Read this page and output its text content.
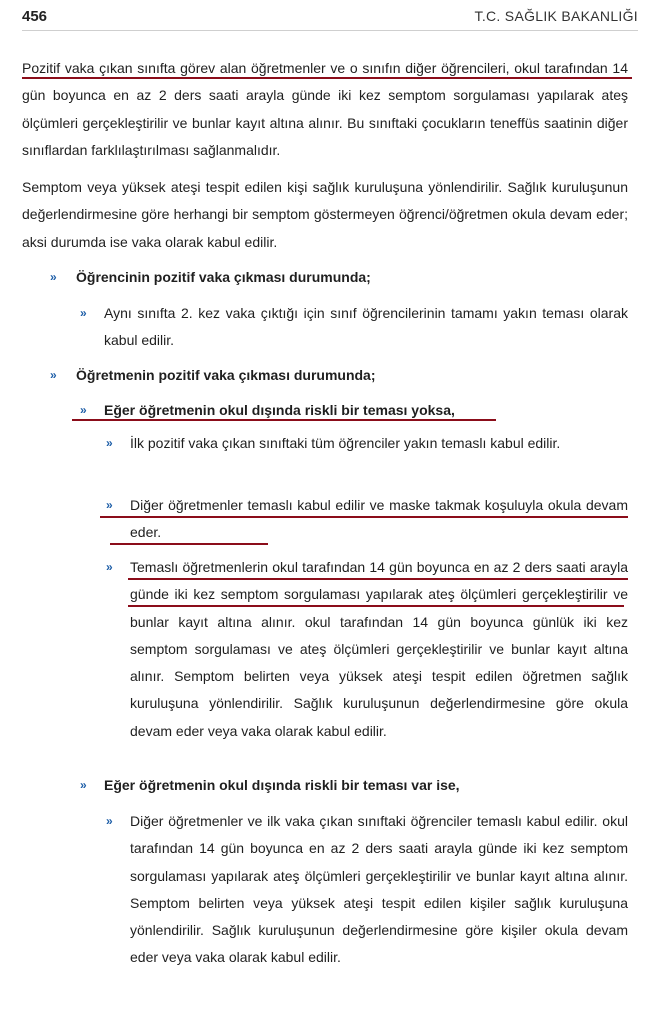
456	T.C. SAĞLIK BAKANLIĞI
Pozitif vaka çıkan sınıfta görev alan öğretmenler ve o sınıfın diğer öğrencileri, okul tarafından 14 gün boyunca en az 2 ders saati arayla günde iki kez semptom sorgulaması yapılarak ateş ölçümleri gerçekleştirilir ve bunlar kayıt altına alınır. Bu sınıftaki çocukların teneffüs saatinin diğer sınıflardan farklılaştırılması sağlanmalıdır.
Semptom veya yüksek ateşi tespit edilen kişi sağlık kuruluşuna yönlendirilir. Sağlık kuruluşunun değerlendirmesine göre herhangi bir semptom göstermeyen öğrenci/öğretmen okula devam eder; aksi durumda ise vaka olarak kabul edilir.
» Öğrencinin pozitif vaka çıkması durumunda;
» Aynı sınıfta 2. kez vaka çıktığı için sınıf öğrencilerinin tamamı yakın teması olarak kabul edilir.
» Öğretmenin pozitif vaka çıkması durumunda;
» Eğer öğretmenin okul dışında riskli bir teması yoksa,
» İlk pozitif vaka çıkan sınıftaki tüm öğrenciler yakın temaslı kabul edilir.
» Diğer öğretmenler temaslı kabul edilir ve maske takmak koşuluyla okula devam eder.
» Temaslı öğretmenlerin okul tarafından 14 gün boyunca en az 2 ders saati arayla günde iki kez semptom sorgulaması yapılarak ateş ölçümleri gerçekleştirilir ve bunlar kayıt altına alınır. okul tarafından 14 gün boyunca günlük iki kez semptom sorgulaması ve ateş ölçümleri gerçekleştirilir ve bunlar kayıt altına alınır. Semptom belirten veya yüksek ateşi tespit edilen öğretmen sağlık kuruluşuna yönlendirilir. Sağlık kuruluşunun değerlendirmesine göre okula devam eder veya vaka olarak kabul edilir.
» Eğer öğretmenin okul dışında riskli bir teması var ise,
» Diğer öğretmenler ve ilk vaka çıkan sınıftaki öğrenciler temaslı kabul edilir. okul tarafından 14 gün boyunca en az 2 ders saati arayla günde iki kez semptom sorgulaması yapılarak ateş ölçümleri gerçekleştirilir ve bunlar kayıt altına alınır. Semptom belirten veya yüksek ateşi tespit edilen kişiler sağlık kuruluşuna yönlendirilir. Sağlık kuruluşunun değerlendirmesine göre kişiler okula devam eder veya vaka olarak kabul edilir.
